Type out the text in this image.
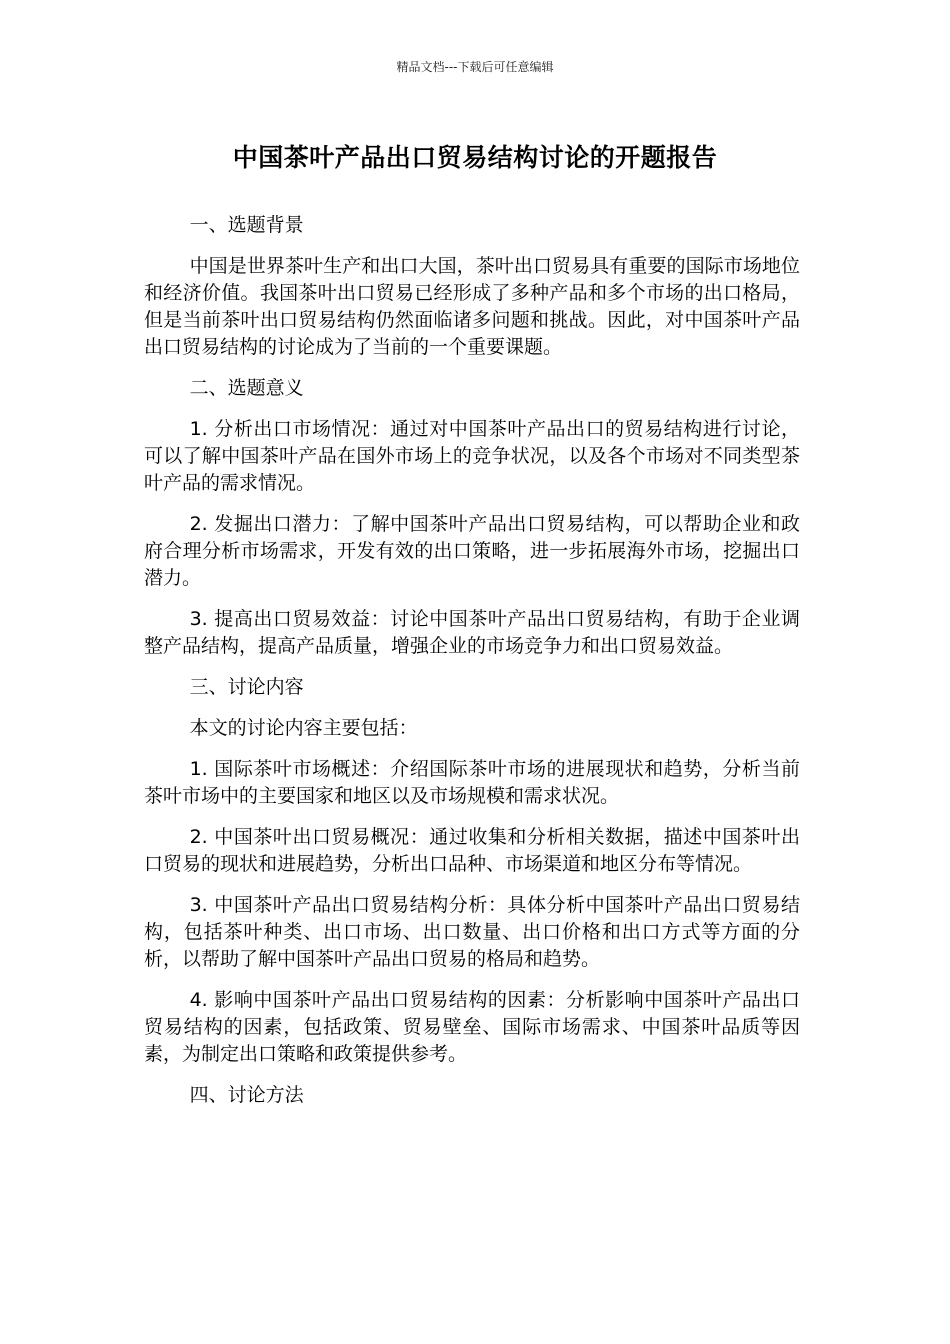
精品文档---下载后可任意编辑
中国茶叶产品出口贸易结构讨论的开题报告

一、选题背景

中国是世界茶叶生产和出口大国，茶叶出口贸易具有重要的国际市场地位和经济价值。我国茶叶出口贸易已经形成了多种产品和多个市场的出口格局，但是当前茶叶出口贸易结构仍然面临诸多问题和挑战。因此，对中国茶叶产品出口贸易结构的讨论成为了当前的一个重要课题。

二、选题意义

1. 分析出口市场情况：通过对中国茶叶产品出口的贸易结构进行讨论，可以了解中国茶叶产品在国外市场上的竞争状况，以及各个市场对不同类型茶叶产品的需求情况。

2. 发掘出口潜力：了解中国茶叶产品出口贸易结构，可以帮助企业和政府合理分析市场需求，开发有效的出口策略，进一步拓展海外市场，挖掘出口潜力。

3. 提高出口贸易效益：讨论中国茶叶产品出口贸易结构，有助于企业调整产品结构，提高产品质量，增强企业的市场竞争力和出口贸易效益。

三、讨论内容

本文的讨论内容主要包括：

1. 国际茶叶市场概述：介绍国际茶叶市场的进展现状和趋势，分析当前茶叶市场中的主要国家和地区以及市场规模和需求状况。

2. 中国茶叶出口贸易概况：通过收集和分析相关数据，描述中国茶叶出口贸易的现状和进展趋势，分析出口品种、市场渠道和地区分布等情况。

3. 中国茶叶产品出口贸易结构分析：具体分析中国茶叶产品出口贸易结构，包括茶叶种类、出口市场、出口数量、出口价格和出口方式等方面的分析，以帮助了解中国茶叶产品出口贸易的格局和趋势。

4. 影响中国茶叶产品出口贸易结构的因素：分析影响中国茶叶产品出口贸易结构的因素，包括政策、贸易壁垒、国际市场需求、中国茶叶品质等因素，为制定出口策略和政策提供参考。

四、讨论方法
